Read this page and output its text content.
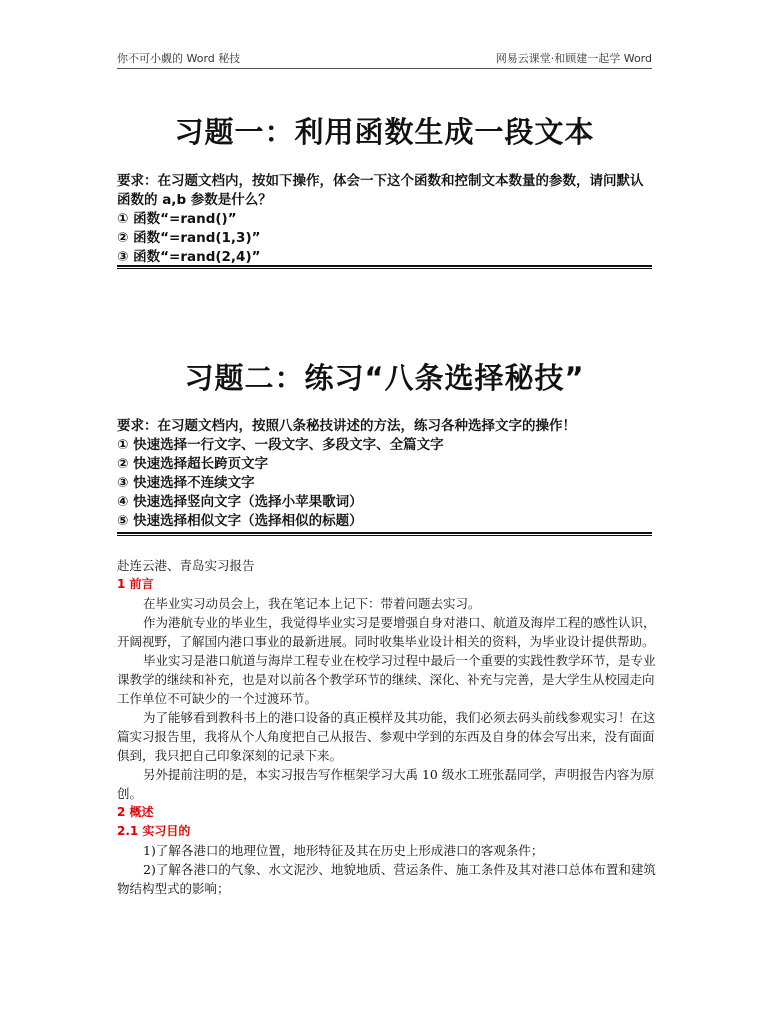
你不可小觑的 Word 秘技	网易云课堂·和顾建一起学 Word
习题一：利用函数生成一段文本

要求：在习题文档内，按如下操作，体会一下这个函数和控制文本数量的参数，请问默认函数的 a,b 参数是什么？

① 函数“=rand()”

② 函数“=rand(1,3)”

③ 函数“=rand(2,4)”

习题二：练习“八条选择秘技”

要求：在习题文档内，按照八条秘技讲述的方法，练习各种选择文字的操作！

① 快速选择一行文字、一段文字、多段文字、全篇文字

② 快速选择超长跨页文字

③ 快速选择不连续文字

④ 快速选择竖向文字（选择小苹果歌词）

⑤ 快速选择相似文字（选择相似的标题）

赴连云港、青岛实习报告

1 前言

在毕业实习动员会上，我在笔记本上记下：带着问题去实习。

作为港航专业的毕业生，我觉得毕业实习是要增强自身对港口、航道及海岸工程的感性认识，开阔视野，了解国内港口事业的最新进展。同时收集毕业设计相关的资料，为毕业设计提供帮助。

毕业实习是港口航道与海岸工程专业在校学习过程中最后一个重要的实践性教学环节，是专业课教学的继续和补充，也是对以前各个教学环节的继续、深化、补充与完善，是大学生从校园走向工作单位不可缺少的一个过渡环节。

为了能够看到教科书上的港口设备的真正模样及其功能，我们必须去码头前线参观实习！在这篇实习报告里，我将从个人角度把自己从报告、参观中学到的东西及自身的体会写出来，没有面面俱到，我只把自己印象深刻的记录下来。

另外提前注明的是，本实习报告写作框架学习大禹 10 级水工班张磊同学，声明报告内容为原创。

2 概述

2.1 实习目的

1)了解各港口的地理位置，地形特征及其在历史上形成港口的客观条件；

2)了解各港口的气象、水文泥沙、地貌地质、营运条件、施工条件及其对港口总体布置和建筑物结构型式的影响；
